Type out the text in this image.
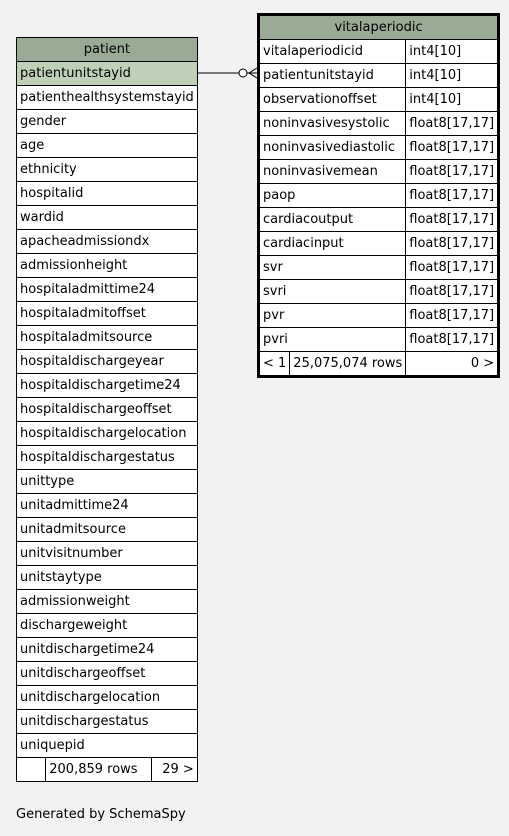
patient
patientunitstayid
patienthealthsystemstayid
gender
age
ethnicity
hospitalid
wardid
apacheadmissiondx
admissionheight
hospitaladmittime24
hospitaladmitoffset
hospitaladmitsource
hospitaldischargeyear
hospitaldischargetime24
hospitaldischargeoffset
hospitaldischargelocation
hospitaldischargestatus
unittype
unitadmittime24
unitadmitsource
unitvisitnumber
unitstaytype
admissionweight
dischargeweight
unitdischargetime24
unitdischargeoffset
unitdischargelocation
unitdischargestatus
uniquepid
	200,859 rows	29 >
vitalaperiodic		
vitalaperiodicid		int4[10]
patientunitstayid		int4[10]
observationoffset		int4[10]
noninvasivesystolic		float8[17,17]
noninvasivediastolic		float8[17,17]
noninvasivemean		float8[17,17]
paop		float8[17,17]
cardiacoutput		float8[17,17]
cardiacinput		float8[17,17]
svr		float8[17,17]
svri		float8[17,17]
pvr		float8[17,17]
pvri		float8[17,17]
< 1	25,075,074 rows	0 >
Generated by SchemaSpy
